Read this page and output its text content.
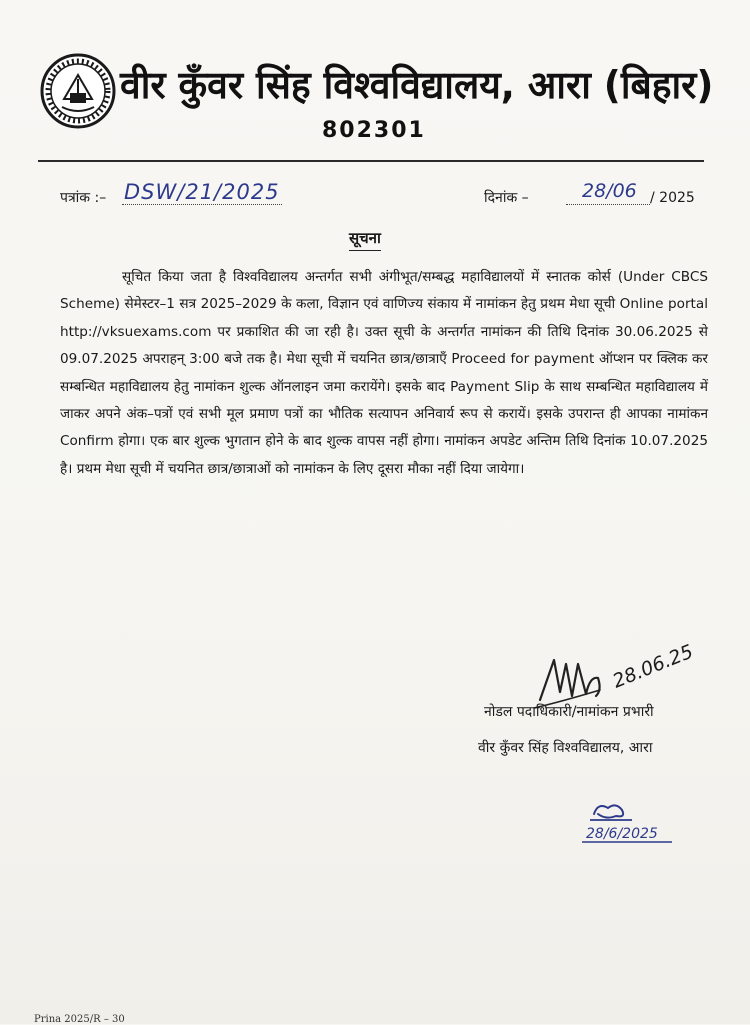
वीर कुँवर सिंह विश्वविद्यालय, आरा (बिहार)
802301
पत्रांक :– DSW/21/2025	दिनांक –	28/06 / 2025
सूचना

सूचित किया जता है विश्वविद्यालय अन्तर्गत सभी अंगीभूत/सम्बद्ध महाविद्यालयों में स्नातक कोर्स (Under CBCS Scheme) सेमेस्टर–1 सत्र 2025–2029 के कला, विज्ञान एवं वाणिज्य संकाय में नामांकन हेतु प्रथम मेधा सूची Online portal http://vksuexams.com पर प्रकाशित की जा रही है। उक्त सूची के अन्तर्गत नामांकन की तिथि दिनांक 30.06.2025 से 09.07.2025 अपराहन् 3:00 बजे तक है। मेधा सूची में चयनित छात्र/छात्राएँ Proceed for payment ऑप्शन पर क्लिक कर सम्बन्धित महाविद्यालय हेतु नामांकन शुल्क ऑनलाइन जमा करायेंगे। इसके बाद Payment Slip के साथ सम्बन्धित महाविद्यालय में जाकर अपने अंक–पत्रों एवं सभी मूल प्रमाण पत्रों का भौतिक सत्यापन अनिवार्य रूप से करायें। इसके उपरान्त ही आपका नामांकन Confirm होगा। एक बार शुल्क भुगतान होने के बाद शुल्क वापस नहीं होगा। नामांकन अपडेट अन्तिम तिथि दिनांक 10.07.2025 है। प्रथम मेधा सूची में चयनित छात्र/छात्राओं को नामांकन के लिए दूसरा मौका नहीं दिया जायेगा।

28.06.25
नोडल पदाधिकारी/नामांकन प्रभारी
वीर कुँवर सिंह विश्वविद्यालय, आरा
28/6/2025
Prina 2025/R – 30
